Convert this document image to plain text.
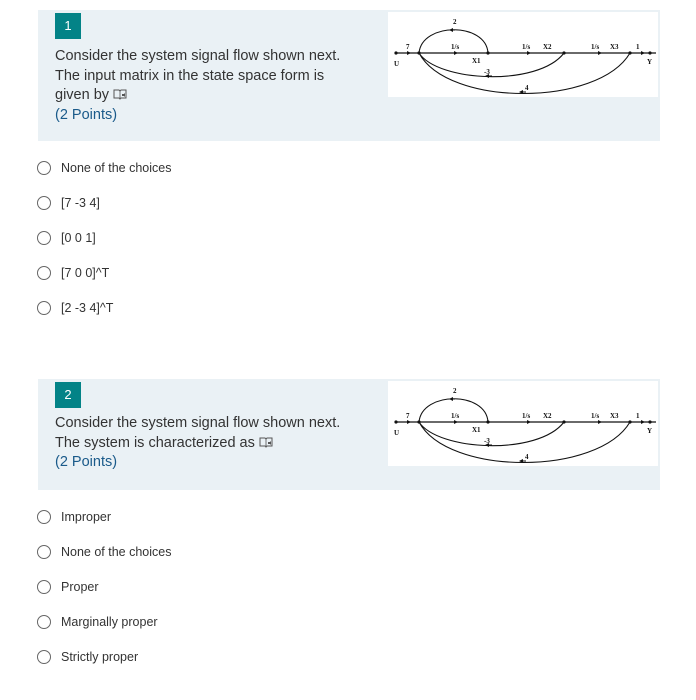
1
Consider the system signal flow shown next.
The input matrix in the state space form is
given by
(2 Points)
U	Y
7
2
1/s
X1
-3
1/s X2	1/s X3 1
4
None of the choices
[7 -3 4]
[0 0 1]
[7 0 0]^T
[2 -3 4]^T
2
Consider the system signal flow shown next.
The system is characterized as
(2 Points)
U	Y
7
2
1/s
X1
-3
1/s X2	1/s X3 1
4
Improper
None of the choices
Proper
Marginally proper
Strictly proper
